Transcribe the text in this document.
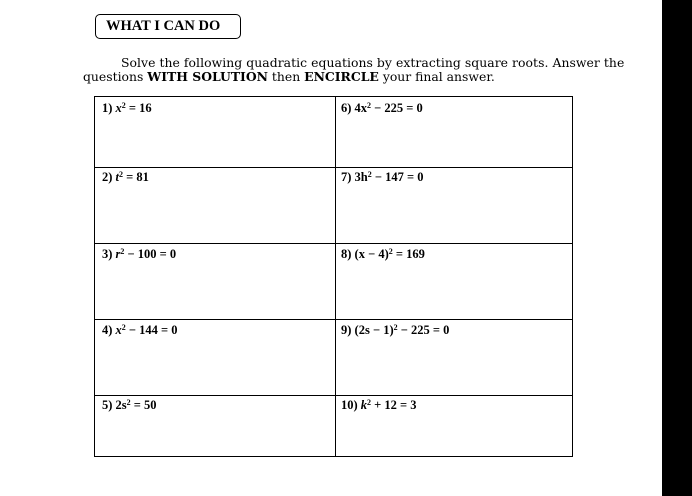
WHAT I CAN DO
Solve the following quadratic equations by extracting square roots. Answer the
questions WITH SOLUTION then ENCIRCLE your final answer.
1) $x^2 = 16$	6) $4x^2 - 225 = 0$
2) $t^2 = 81$	7) $3h^2 - 147 = 0$
3) $r^2 - 100 = 0$	8) $(x - 4)^2 = 169$
4) $x^2 - 144 = 0$	9) $(2s - 1)^2 - 225 = 0$
5) $2s^2 = 50$	10) $k^2 + 12 = 3$
